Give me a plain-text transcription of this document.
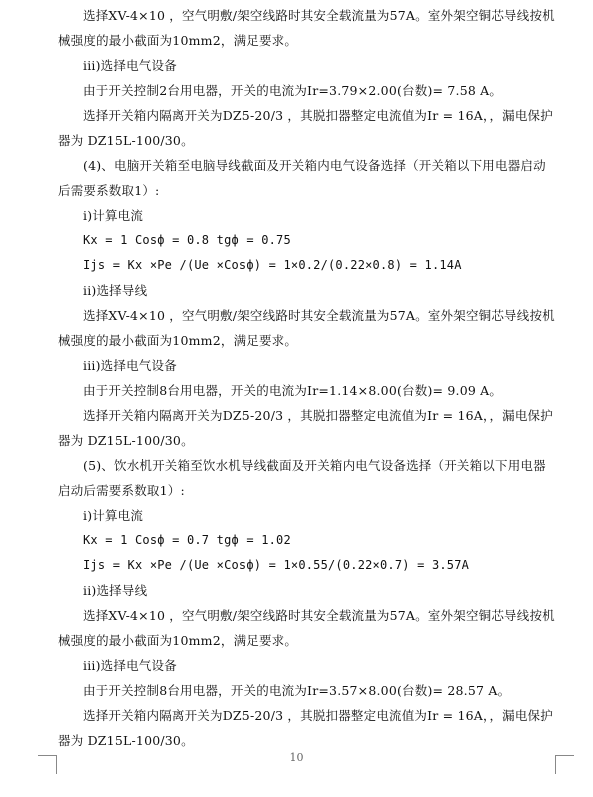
选择XV-4×10 ，空气明敷/架空线路时其安全载流量为57A。室外架空铜芯导线按机
械强度的最小截面为10mm2，满足要求。
iii)选择电气设备
由于开关控制2台用电器，开关的电流为Ir=3.79×2.00(台数)= 7.58 A。
选择开关箱内隔离开关为DZ5-20/3 ，其脱扣器整定电流值为Ir = 16A，，漏电保护
器为 DZ15L-100/30。
(4)、电脑开关箱至电脑导线截面及开关箱内电气设备选择（开关箱以下用电器启动
后需要系数取1）:
i)计算电流
Kx = 1 Cosф = 0.8 tgф = 0.75
Ijs = Kx ×Pe /(Ue ×Cosф) = 1×0.2/(0.22×0.8) = 1.14A
ii)选择导线
选择XV-4×10 ，空气明敷/架空线路时其安全载流量为57A。室外架空铜芯导线按机
械强度的最小截面为10mm2，满足要求。
iii)选择电气设备
由于开关控制8台用电器，开关的电流为Ir=1.14×8.00(台数)= 9.09 A。
选择开关箱内隔离开关为DZ5-20/3 ，其脱扣器整定电流值为Ir = 16A，，漏电保护
器为 DZ15L-100/30。
(5)、饮水机开关箱至饮水机导线截面及开关箱内电气设备选择（开关箱以下用电器
启动后需要系数取1）:
i)计算电流
Kx = 1 Cosф = 0.7 tgф = 1.02
Ijs = Kx ×Pe /(Ue ×Cosф) = 1×0.55/(0.22×0.7) = 3.57A
ii)选择导线
选择XV-4×10 ，空气明敷/架空线路时其安全载流量为57A。室外架空铜芯导线按机
械强度的最小截面为10mm2，满足要求。
iii)选择电气设备
由于开关控制8台用电器，开关的电流为Ir=3.57×8.00(台数)= 28.57 A。
选择开关箱内隔离开关为DZ5-20/3 ，其脱扣器整定电流值为Ir = 16A，，漏电保护
器为 DZ15L-100/30。
10
